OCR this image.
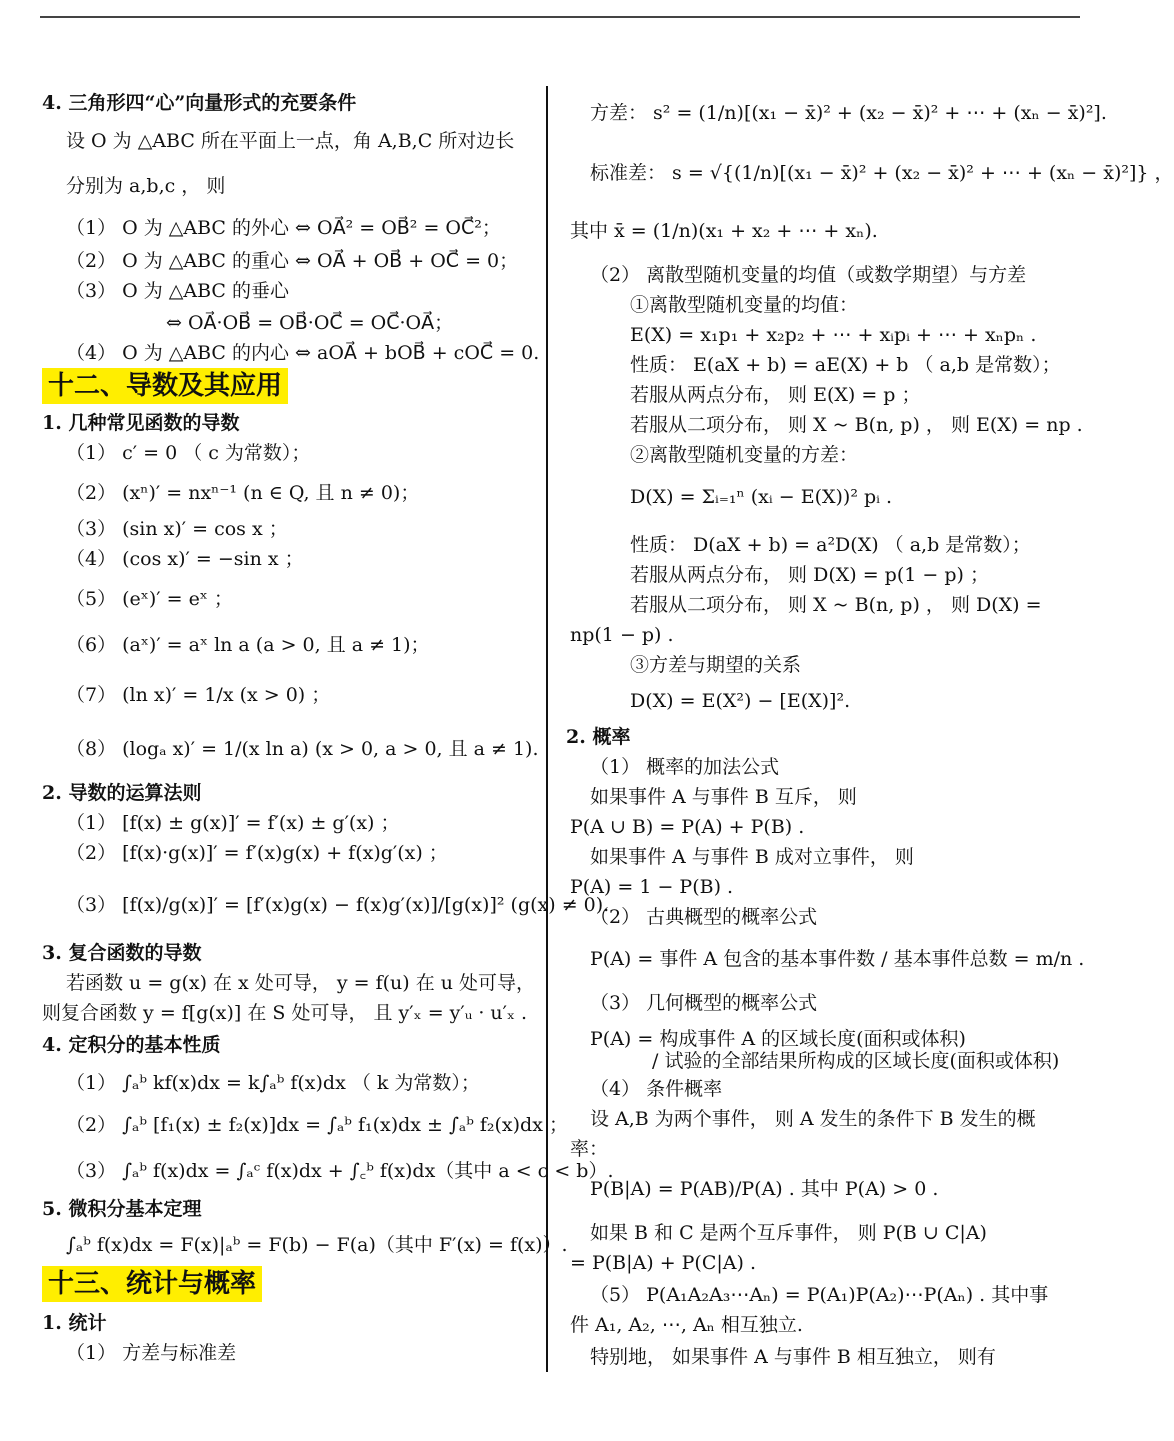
4. 三角形四“心”向量形式的充要条件
设 O 为 △ABC 所在平面上一点，角 A,B,C 所对边长
分别为 a,b,c ， 则
（1） O 为 △ABC 的外心 ⇔ OA⃗² = OB⃗² = OC⃗²；
（2） O 为 △ABC 的重心 ⇔ OA⃗ + OB⃗ + OC⃗ = 0；
（3） O 为 △ABC 的垂心
⇔ OA⃗·OB⃗ = OB⃗·OC⃗ = OC⃗·OA⃗；
（4） O 为 △ABC 的内心 ⇔ aOA⃗ + bOB⃗ + cOC⃗ = 0.
1. 几种常见函数的导数
（1） c′ = 0 （ c 为常数）；
（2） (xⁿ)′ = nxⁿ⁻¹ (n ∈ Q, 且 n ≠ 0)；
（3） (sin x)′ = cos x ；
（4） (cos x)′ = −sin x ；
（5） (eˣ)′ = eˣ ；
（6） (aˣ)′ = aˣ ln a (a > 0, 且 a ≠ 1)；
（7） (ln x)′ = 1/x (x > 0) ；
（8） (logₐ x)′ = 1/(x ln a) (x > 0, a > 0, 且 a ≠ 1).
2. 导数的运算法则
（1） [f(x) ± g(x)]′ = f′(x) ± g′(x) ；
（2） [f(x)·g(x)]′ = f′(x)g(x) + f(x)g′(x) ；
（3） [f(x)/g(x)]′ = [f′(x)g(x) − f(x)g′(x)]/[g(x)]² (g(x) ≠ 0).
3. 复合函数的导数
若函数 u = g(x) 在 x 处可导， y = f(u) 在 u 处可导，
则复合函数 y = f[g(x)] 在 S 处可导， 且 y′ₓ = y′ᵤ · u′ₓ .
4. 定积分的基本性质
（1） ∫ₐᵇ kf(x)dx = k∫ₐᵇ f(x)dx （ k 为常数）；
（2） ∫ₐᵇ [f₁(x) ± f₂(x)]dx = ∫ₐᵇ f₁(x)dx ± ∫ₐᵇ f₂(x)dx ；
（3） ∫ₐᵇ f(x)dx = ∫ₐᶜ f(x)dx + ∫꜀ᵇ f(x)dx（其中 a < c < b）.
5. 微积分基本定理
∫ₐᵇ f(x)dx = F(x)|ₐᵇ = F(b) − F(a)（其中 F′(x) = f(x)）.
1. 统计
（1） 方差与标准差
十二、导数及其应用
十三、统计与概率
方差： s² = (1/n)[(x₁ − x̄)² + (x₂ − x̄)² + ⋯ + (xₙ − x̄)²].
标准差： s = √{(1/n)[(x₁ − x̄)² + (x₂ − x̄)² + ⋯ + (xₙ − x̄)²]} ，
其中 x̄ = (1/n)(x₁ + x₂ + ⋯ + xₙ).
（2） 离散型随机变量的均值（或数学期望）与方差
①离散型随机变量的均值：
E(X) = x₁p₁ + x₂p₂ + ⋯ + xᵢpᵢ + ⋯ + xₙpₙ .
性质： E(aX + b) = aE(X) + b （ a,b 是常数）；
若服从两点分布， 则 E(X) = p ；
若服从二项分布， 则 X ~ B(n, p) ， 则 E(X) = np .
②离散型随机变量的方差：
D(X) = Σᵢ₌₁ⁿ (xᵢ − E(X))² pᵢ .
性质： D(aX + b) = a²D(X) （ a,b 是常数）；
若服从两点分布， 则 D(X) = p(1 − p) ；
若服从二项分布， 则 X ~ B(n, p) ， 则 D(X) =
np(1 − p) .
③方差与期望的关系
D(X) = E(X²) − [E(X)]².
2. 概率
（1） 概率的加法公式
如果事件 A 与事件 B 互斥， 则
P(A ∪ B) = P(A) + P(B) .
如果事件 A 与事件 B 成对立事件， 则
P(A) = 1 − P(B) .
（2） 古典概型的概率公式
P(A) = 事件 A 包含的基本事件数 / 基本事件总数 = m/n .
（3） 几何概型的概率公式
P(A) = 构成事件 A 的区域长度(面积或体积)
/ 试验的全部结果所构成的区域长度(面积或体积)
（4） 条件概率
设 A,B 为两个事件， 则 A 发生的条件下 B 发生的概
率：
P(B|A) = P(AB)/P(A) . 其中 P(A) > 0 .
如果 B 和 C 是两个互斥事件， 则 P(B ∪ C|A)
= P(B|A) + P(C|A) .
（5） P(A₁A₂A₃⋯Aₙ) = P(A₁)P(A₂)⋯P(Aₙ) . 其中事
件 A₁, A₂, ⋯, Aₙ 相互独立.
特别地， 如果事件 A 与事件 B 相互独立， 则有
